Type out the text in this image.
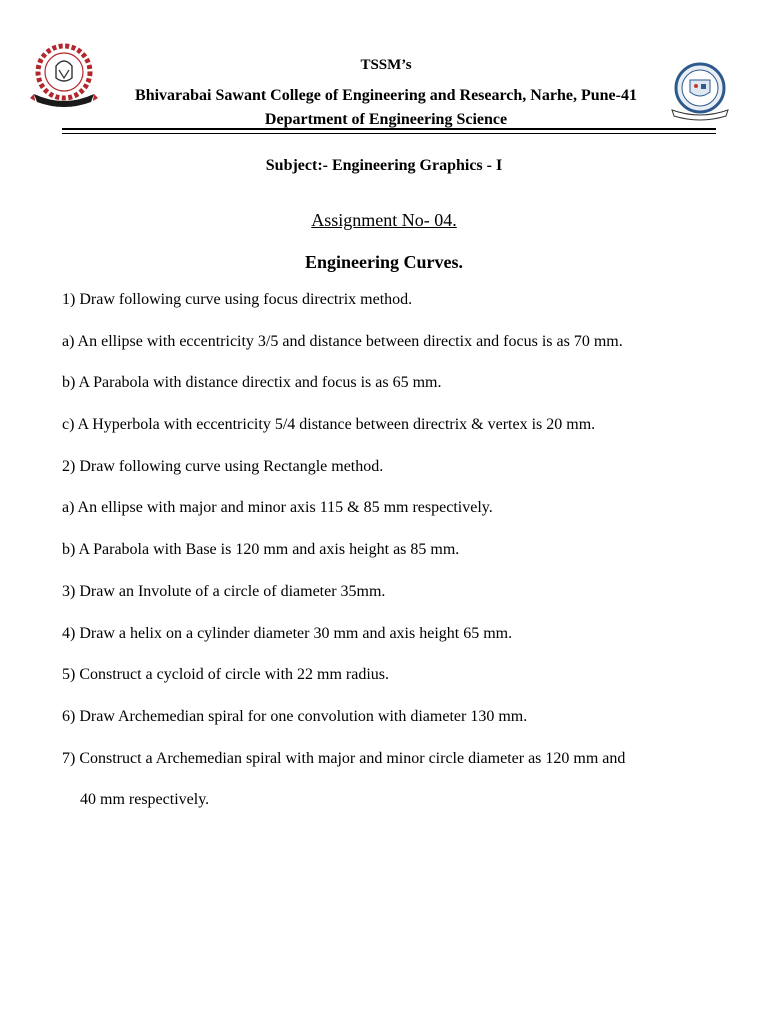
TSSM’s
Bhivarabai Sawant College of Engineering and Research, Narhe, Pune-41
Department of Engineering Science
Subject:- Engineering Graphics - I
Assignment No- 04.
Engineering Curves.
1) Draw following curve using focus directrix method.
a) An ellipse with eccentricity 3/5 and distance between directix and focus is as 70 mm.
b) A Parabola with distance directix and focus is as 65 mm.
c) A Hyperbola with eccentricity 5/4 distance between directrix & vertex is 20 mm.
2) Draw following curve using Rectangle method.
a) An ellipse with major and minor axis 115 & 85 mm respectively.
b) A Parabola with Base is 120 mm and axis height as 85 mm.
3) Draw an Involute of a circle of diameter 35mm.
4) Draw a helix on a cylinder diameter 30 mm and axis height 65 mm.
5) Construct a cycloid of circle with 22 mm radius.
6) Draw Archemedian spiral for one convolution with diameter 130 mm.
7) Construct a Archemedian spiral with major and minor circle diameter as 120 mm and
40 mm respectively.
